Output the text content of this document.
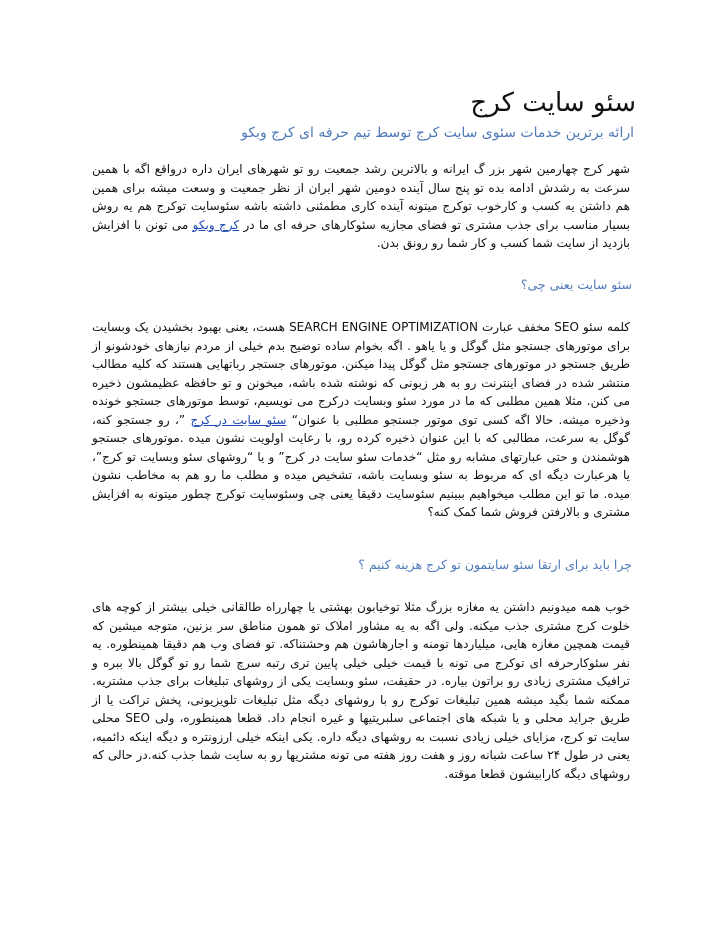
سئو سایت کرج
ارائه برترین خدمات سئوی سایت کرج توسط تیم حرفه ای کرج وبکو
شهر کرج چهارمین شهر بزر گ ایرانه و بالاترین رشد جمعیت رو تو شهرهای ایران داره درواقع اگه با همین سرعت به رشدش ادامه بده تو پنج سال آینده دومین شهر ایران از نظر جمعیت و وسعت میشه برای همین هم داشتن یه کسب و کارخوب توکرج میتونه آینده کاری مطمئنی داشته باشه سئوسایت توکرج هم یه روش بسیار مناسب برای جذب مشتری تو فضای مجازیه سئوکارهای حرفه ای ما در کرج وبکو می تونن با افزایش بازدید از سایت شما کسب و کار شما رو رونق بدن.
سئو سایت یعنی چی؟
کلمه سئو SEO مخفف عبارت SEARCH ENGINE OPTIMIZATION هست، یعنی بهبود بخشیدن یک وبسایت برای موتورهای جستجو مثل گوگل و یا یاهو . اگه بخوام ساده توضیح بدم خیلی از مردم نیازهای خودشونو از طریق جستجو در موتورهای جستجو مثل گوگل پیدا میکنن. موتورهای جستجر رباتهایی هستند که کلیه مطالب منتشر شده در فضای اینترنت رو به هر زبونی که نوشته شده باشه، میخونن و تو حافظه عظیمشون ذخیره می کنن. مثلا همین مطلبی که ما در مورد سئو وبسایت درکرج می نویسیم، توسط موتورهای جستجو خونده وذخیره میشه. حالا اگه کسی توی موتور جستجو مطلبی با عنوان“ سئو سایت در کرج ”، رو جستجو کنه، گوگل به سرعت، مطالبی که با این عنوان ذخیره کرده رو، با رعایت اولویت نشون میده .موتورهای جستجو هوشمندن و حتی عبارتهای مشابه رو مثل “خدمات سئو سایت در کرج” و یا “روشهای سئو وبسایت تو کرج”، یا هرعبارت دیگه ای که مربوط به سئو وبسایت باشه، تشخیص میده و مطلب ما رو هم به مخاطب نشون میده. ما تو این مطلب میخواهیم ببینیم سئوسایت دقیقا یعنی چی وسئوسایت توکرج چطور میتونه به افزایش مشتری و بالارفتن فروش شما کمک کنه؟
چرا باید برای ارتقا سئو سایتمون تو کرج هزینه کنیم ؟
خوب همه میدونیم داشتن یه مغازه بزرگ مثلا توخیابون بهشتی یا چهارراه طالقانی خیلی بیشتر از کوچه های خلوت کرج مشتری جذب میکنه. ولی اگه به یه مشاور املاک تو همون مناطق سر بزنین، متوجه میشین که قیمت همچین مغازه هایی، میلیاردها تومنه و اجارهاشون هم وحشتناکه. تو فضای وب هم دقیقا همینطوره. یه نفر سئوکارحرفه ای توکرج می تونه با قیمت خیلی خیلی پایین تری رتبه سرچ شما رو تو گوگل بالا ببره و ترافیک مشتری زیادی رو براتون بیاره. در حقیقت، سئو وبسایت یکی از روشهای تبلیغات برای جذب مشتریه. ممکنه شما بگید میشه همین تبلیغات توکرج رو با روشهای دیگه مثل تبلیغات تلویزیونی، پخش تراکت یا از طریق جراید محلی و یا شبکه های اجتماعی سلبریتیها و غیره انجام داد. قطعا همینطوره، ولی SEO محلی سایت تو کرج، مزایای خیلی زیادی نسبت به روشهای دیگه داره. یکی اینکه خیلی ارزونتره و دیگه اینکه دائمیه، یعنی در طول ۲۴ ساعت شبانه روز و هفت روز هفته می تونه مشتریها رو به سایت شما جذب کنه.در حالی که روشهای دیگه کارابیشون قطعا موقته.
